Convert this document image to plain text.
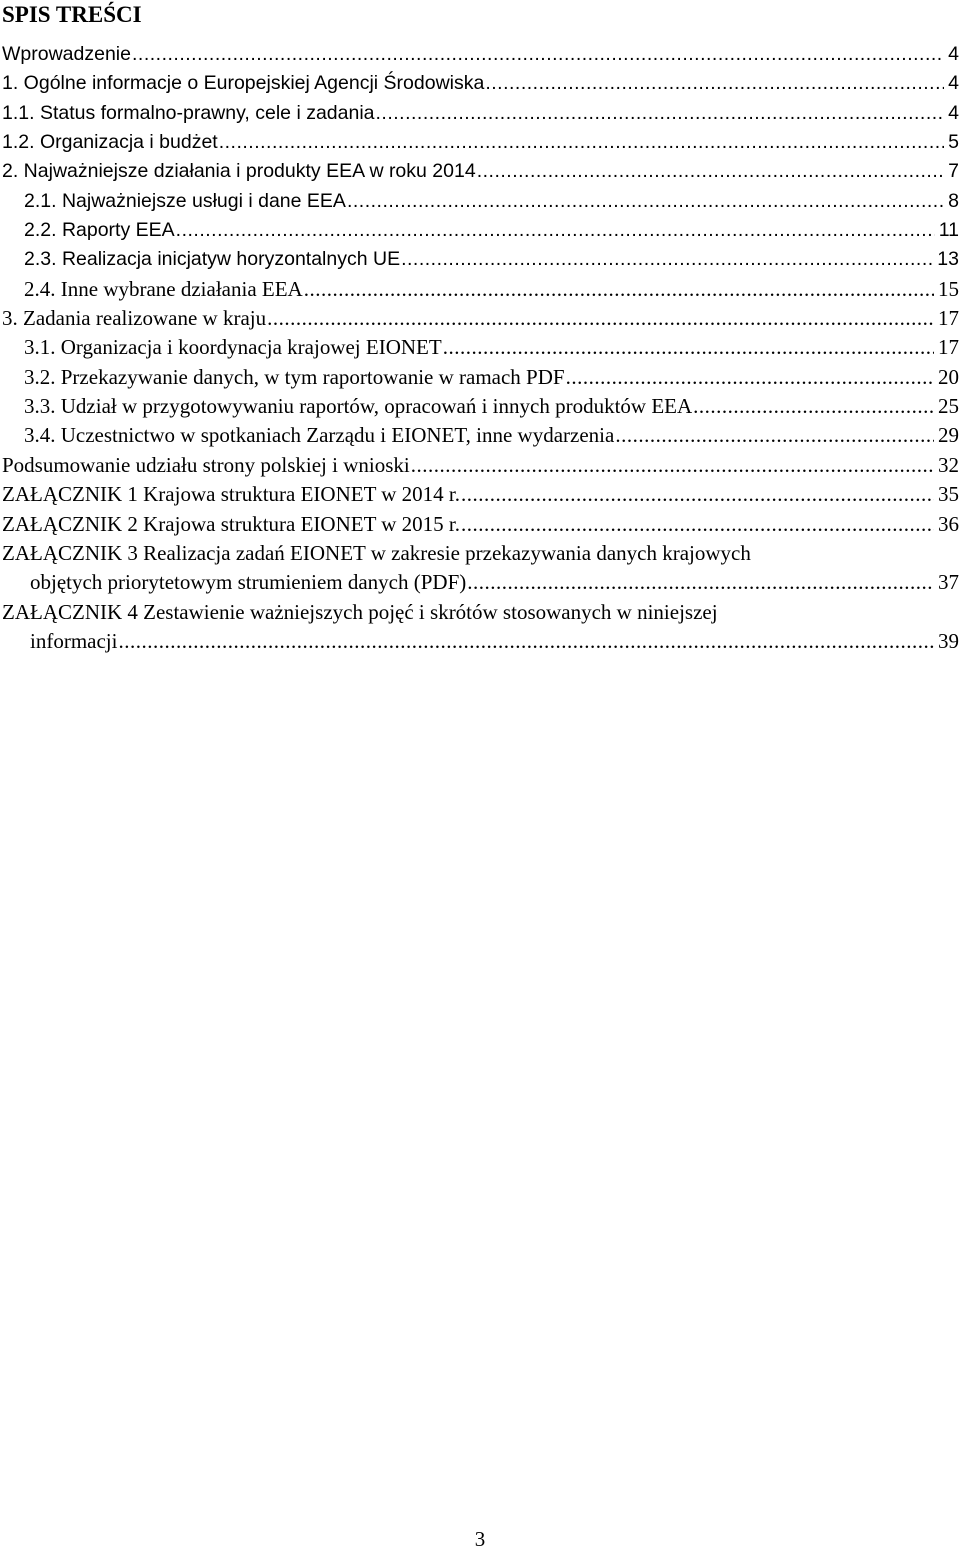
SPIS TREŚCI
Wprowadzenie .....	4
1. Ogólne informacje o Europejskiej Agencji Środowiska .....	4
1.1. Status formalno-prawny, cele i zadania .....	4
1.2. Organizacja i budżet .....	5
2. Najważniejsze działania i produkty EEA w roku 2014 .....	7
2.1. Najważniejsze usługi i dane EEA .....	8
2.2. Raporty EEA .....	11
2.3. Realizacja inicjatyw horyzontalnych UE .....	13
2.4. Inne wybrane działania EEA .....	15
3. Zadania realizowane w kraju .....	17
3.1. Organizacja i koordynacja krajowej EIONET .....	17
3.2. Przekazywanie danych, w tym raportowanie w ramach PDF .....	20
3.3. Udział w przygotowywaniu raportów, opracowań i innych produktów EEA .....	25
3.4. Uczestnictwo w spotkaniach Zarządu i EIONET, inne wydarzenia .....	29
Podsumowanie udziału strony polskiej i wnioski .....	32
ZAŁĄCZNIK 1 Krajowa struktura EIONET w 2014 r. .....	35
ZAŁĄCZNIK 2 Krajowa struktura EIONET w 2015 r. .....	36
ZAŁĄCZNIK 3 Realizacja zadań EIONET w zakresie przekazywania danych krajowych
objętych priorytetowym strumieniem danych (PDF) .....	37
ZAŁĄCZNIK 4 Zestawienie ważniejszych pojęć i skrótów stosowanych w niniejszej
informacji .....	39
3
